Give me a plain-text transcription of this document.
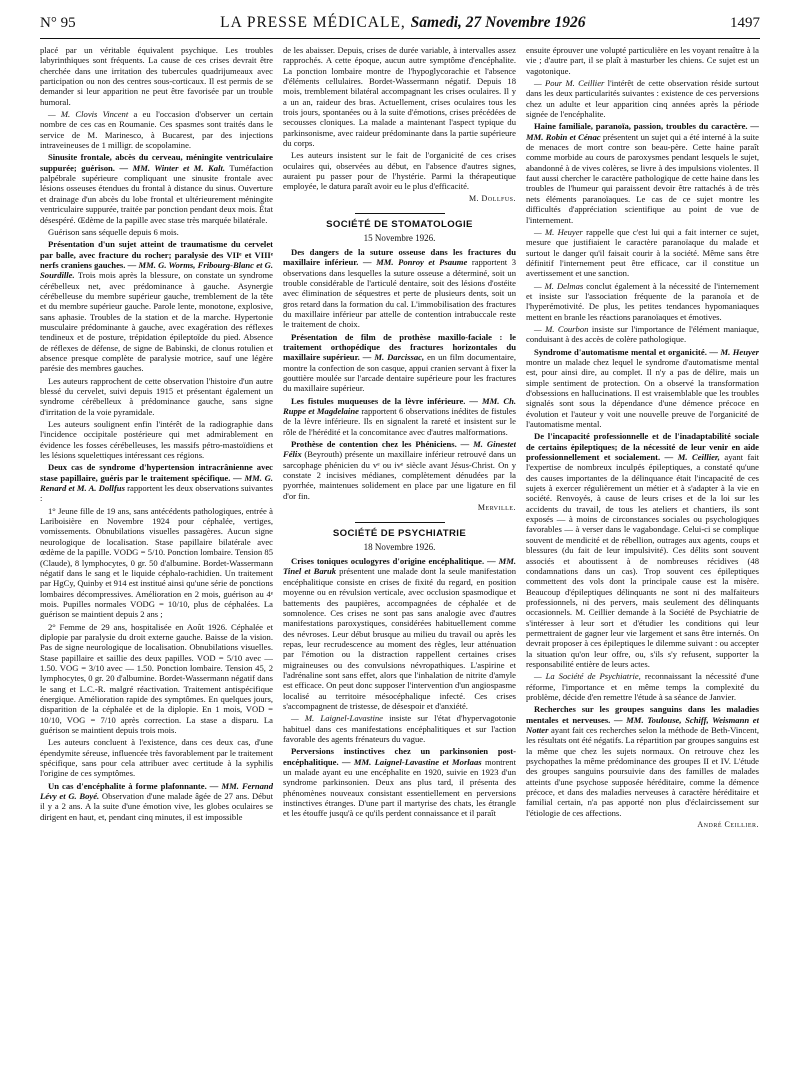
N° 95	LA PRESSE MÉDICALE, Samedi, 27 Novembre 1926	1497

placé par un véritable équivalent psychique. Les troubles labyrinthiques sont fréquents. La cause de ces crises devrait être cherchée dans une irritation des tubercules quadrijumeaux avec participation ou non des centres sous-corticaux. Il est permis de se demander si leur apparition ne peut être favorisée par un trouble humoral.

— M. Clovis Vincent a eu l'occasion d'observer un certain nombre de ces cas en Roumanie. Ces spasmes sont traités dans le service de M. Marinesco, à Bucarest, par des injections intraveineuses de 1 milligr. de scopolamine.

Sinusite frontale, abcès du cerveau, méningite ventriculaire suppurée; guérison. — MM. Winter et M. Kalt. Tuméfaction palpébrale supérieure compliquant une sinusite frontale avec lésions osseuses étendues du frontal à distance du sinus. Ouverture et drainage d'un abcès du lobe frontal et ultérieurement méningite ventriculaire suppurée, traitée par ponction pendant deux mois. État désespéré. Œdème de la papille avec stase très marquée bilatérale.

Guérison sans séquelle depuis 6 mois.

Présentation d'un sujet atteint de traumatisme du cervelet par balle, avec fracture du rocher; paralysie des VIIᵉ et VIIIᵉ nerfs craniens gauches. — MM. G. Worms, Fribourg-Blanc et G. Sourdille. Trois mois après la blessure, on constate un syndrome cérébelleux net, avec prédominance à gauche. Asynergie cérébelleuse du membre supérieur gauche, tremblement de la tête et du membre supérieur gauche. Parole lente, monotone, explosive, sans aphasie. Troubles de la station et de la marche. Hypertonie musculaire prédominante à gauche, avec exagération des réflexes tendineux et de posture, trépidation épileptoïde du pied. Absence de réflexes de défense, de signe de Babinski, de clonus rotulien et absence presque complète de paralysie motrice, sauf une légère parésie des membres gauches.

Les auteurs rapprochent de cette observation l'histoire d'un autre blessé du cervelet, suivi depuis 1915 et présentant également un syndrome cérébelleux à prédominance gauche, sans signe d'irritation de la voie pyramidale.

Les auteurs soulignent enfin l'intérêt de la radiographie dans l'incidence occipitale postérieure qui met admirablement en évidence les fosses cérébelleuses, les massifs pétro-mastoïdiens et les lésions squelettiques intéressant ces régions.

Deux cas de syndrome d'hypertension intracrânienne avec stase papillaire, guéris par le traitement spécifique. — MM. G. Renard et M. A. Dollfus rapportent les deux observations suivantes :

1° Jeune fille de 19 ans, sans antécédents pathologiques, entrée à Lariboisière en Novembre 1924 pour céphalée, vertiges, vomissements. Obnubilations visuelles passagères. Aucun signe neurologique de localisation. Stase papillaire bilatérale avec œdème de la papille. VODG = 5/10. Ponction lombaire. Tension 85 (Claude), 8 lymphocytes, 0 gr. 50 d'albumine. Bordet-Wassermann négatif dans le sang et le liquide céphalo-rachidien. Un traitement par HgCy, Quinby et 914 est institué ainsi qu'une série de ponctions lombaires décompressives. Amélioration en 2 mois, guérison au 4ᵉ mois. Pupilles normales VODG = 10/10, plus de céphalées. La guérison se maintient depuis 2 ans ;

2° Femme de 29 ans, hospitalisée en Août 1926. Céphalée et diplopie par paralysie du droit externe gauche. Baisse de la vision. Pas de signe neurologique de localisation. Obnubilations visuelles. Stase papillaire et saillie des deux papilles. VOD = 5/10 avec — 1.50. VOG = 3/10 avec — 1.50. Ponction lombaire. Tension 45, 2 lymphocytes, 0 gr. 20 d'albumine. Bordet-Wassermann négatif dans le sang et L.C.-R. malgré réactivation. Traitement antispécifique énergique. Amélioration rapide des symptômes. En quelques jours, disparition de la céphalée et de la diplopie. En 1 mois, VOD = 10/10, VOG = 7/10 après correction. La stase a disparu. La guérison se maintient depuis trois mois.

Les auteurs concluent à l'existence, dans ces deux cas, d'une épendymite séreuse, influencée très favorablement par le traitement spécifique, sans pour cela attribuer avec certitude à la syphilis l'origine de ces symptômes.

Un cas d'encéphalite à forme plafonnante. — MM. Fernand Lévy et G. Boyé. Observation d'une malade âgée de 27 ans. Début il y a 2 ans. A la suite d'une émotion vive, les globes oculaires se dirigent en haut, et, pendant cinq minutes, il est impossible

de les abaisser. Depuis, crises de durée variable, à intervalles assez rapprochés. A cette époque, aucun autre symptôme d'encéphalite. La ponction lombaire montre de l'hypoglycorachie et l'absence d'éléments cellulaires. Bordet-Wassermann négatif. Depuis 18 mois, tremblement bilatéral accompagnant les crises oculaires. Il y a un an, raideur des bras. Actuellement, crises oculaires tous les trois jours, spontanées ou à la suite d'émotions, crises précédées de secousses cloniques. La malade a maintenant l'aspect typique du parkinsonisme, avec raideur prédominante dans la partie supérieure du corps.

Les auteurs insistent sur le fait de l'organicité de ces crises oculaires qui, observées au début, en l'absence d'autres signes, auraient pu passer pour de l'hystérie. Parmi la thérapeutique employée, le datura paraît avoir eu le plus d'efficacité.

M. Dollfus.
SOCIÉTÉ DE STOMATOLOGIE
15 Novembre 1926.

Des dangers de la suture osseuse dans les fractures du maxillaire inférieur. — MM. Ponroy et Psaume rapportent 3 observations dans lesquelles la suture osseuse a déterminé, soit un trouble considérable de l'articulé dentaire, soit des lésions d'ostéite avec élimination de séquestres et perte de plusieurs dents, soit un gros retard dans la formation du cal. L'immobilisation des fractures du maxillaire inférieur par attelle de contention intrabuccale reste le traitement de choix.

Présentation de film de prothèse maxillo-faciale : le traitement orthopédique des fractures horizontales du maxillaire supérieur. — M. Darcissac, en un film documentaire, montre la confection de son casque, appui cranien servant à fixer la gouttière moulée sur l'arcade dentaire supérieure pour les fractures du maxillaire supérieur.

Les fistules muqueuses de la lèvre inférieure. — MM. Ch. Ruppe et Magdelaine rapportent 6 observations inédites de fistules de la lèvre inférieure. Ils en signalent la rareté et insistent sur le rôle de l'hérédité et la concomitance avec d'autres malformations.

Prothèse de contention chez les Phéniciens. — M. Ginestet Félix (Beyrouth) présente un maxillaire inférieur retrouvé dans un sarcophage phénicien du vᵉ ou ivᵉ siècle avant Jésus-Christ. On y constate 2 incisives médianes, complètement dénudées par la pyorrhée, maintenues solidement en place par une ligature en fil d'or fin.

Merville.
SOCIÉTÉ DE PSYCHIATRIE
18 Novembre 1926.

Crises toniques oculogyres d'origine encéphalitique. — MM. Tinel et Baruk présentent une malade dont la seule manifestation encéphalitique consiste en crises de fixité du regard, en position moyenne ou en révulsion verticale, avec occlusion spasmodique et battements des paupières, accompagnées de céphalée et de somnolence. Ces crises ne sont pas sans analogie avec d'autres manifestations paroxystiques, considérées habituellement comme des névroses. Leur début brusque au milieu du travail ou après les repas, leur recrudescence au moment des règles, leur atténuation par l'émotion ou la distraction rappellent certaines crises migraineuses ou des convulsions névropathiques. L'aspirine et l'adrénaline sont sans effet, alors que l'inhalation de nitrite d'amyle est efficace. On peut donc supposer l'intervention d'un angiospasme localisé au territoire mésocéphalique infecté. Ces crises s'accompagnent de tristesse, de désespoir et d'anxiété.

— M. Laignel-Lavastine insiste sur l'état d'hypervagotonie habituel dans ces manifestations encéphalitiques et sur l'action favorable des agents frénateurs du vague.

Perversions instinctives chez un parkinsonien post-encéphalitique. — MM. Laignel-Lavastine et Morlaas montrent un malade ayant eu une encéphalite en 1920, suivie en 1923 d'un syndrome parkinsonien. Deux ans plus tard, il présenta des phénomènes nouveaux consistant essentiellement en perversions instinctives étranges. D'une part il martyrise des chats, les étrangle et les étouffe jusqu'à ce qu'ils perdent connaissance et il paraît

ensuite éprouver une volupté particulière en les voyant renaître à la vie ; d'autre part, il se plaît à masturber les chiens. Ce sujet est un vagotonique.

— Pour M. Ceillier l'intérêt de cette observation réside surtout dans les deux particularités suivantes : existence de ces perversions chez un adulte et leur apparition cinq années après la période signée de l'encéphalite.

Haine familiale, paranoïa, passion, troubles du caractère. — MM. Robin et Cénac présentent un sujet qui a été interné à la suite de menaces de mort contre son beau-père. Cette haine paraît comme morbide au cours de paroxysmes pendant lesquels le sujet, abandonné à de vives colères, se livre à des impulsions violentes. Il faut aussi chercher le caractère pathologique de cette haine dans les troubles de l'humeur qui paraissent devoir être rattachés à de très nets éléments paranoïaques. Le cas de ce sujet montre les difficultés d'appréciation scientifique au point de vue de l'internement.

— M. Heuyer rappelle que c'est lui qui a fait interner ce sujet, mesure que justifiaient le caractère paranoïaque du malade et surtout le danger qu'il faisait courir à la société. Même sans être définitif l'internement peut être efficace, car il constitue un avertissement et une sanction.

— M. Delmas conclut également à la nécessité de l'internement et insiste sur l'association fréquente de la paranoïa et de l'hyperémotivité. De plus, les petites tendances hypomaniaques mettent en branle les réactions paranoïaques et émotives.

— M. Courbon insiste sur l'importance de l'élément maniaque, conduisant à des accès de colère pathologique.

Syndrome d'automatisme mental et organicité. — M. Heuyer montre un malade chez lequel le syndrome d'automatisme mental est, pour ainsi dire, au complet. Il n'y a pas de délire, mais un simple sentiment de protection. On a observé la transformation d'obsessions en hallucinations. Il est vraisemblable que les troubles signalés sont sous la dépendance d'une démence précoce en évolution et l'auteur y voit une nouvelle preuve de l'organicité de l'automatisme mental.

De l'incapacité professionnelle et de l'inadaptabilité sociale de certains épileptiques; de la nécessité de leur venir en aide professionnellement et socialement. — M. Ceillier, ayant fait l'expertise de nombreux inculpés épileptiques, a constaté qu'une des causes importantes de la délinquance était l'incapacité de ces sujets à exercer régulièrement un métier et à s'adapter à la vie en société. Renvoyés, à cause de leurs crises et de la loi sur les accidents du travail, de tous les ateliers et chantiers, ils sont exposés — à moins de circonstances sociales ou psychologiques favorables — à verser dans le vagabondage. Celui-ci se complique souvent de mendicité et de rébellion, outrages aux agents, coups et blessures (du fait de leur impulsivité). Ces délits sont souvent associés et aboutissent à de nombreuses récidives (48 condamnations dans un cas). Trop souvent ces épileptiques commettent des vols dont la principale cause est la misère. Beaucoup d'épileptiques délinquants ne sont ni des malfaiteurs professionnels, ni des pervers, mais seulement des délinquants occasionnels. M. Ceillier demande à la Société de Psychiatrie de s'intéresser à leur sort et d'étudier les conditions qui leur permettraient de gagner leur vie largement et sans être internés. On devrait proposer à ces épileptiques le dilemme suivant : ou accepter la situation qu'on leur offre, ou, s'ils s'y refusent, supporter la responsabilité entière de leurs actes.

— La Société de Psychiatrie, reconnaissant la nécessité d'une réforme, l'importance et en même temps la complexité du problème, décide d'en remettre l'étude à sa séance de Janvier.

Recherches sur les groupes sanguins dans les maladies mentales et nerveuses. — MM. Toulouse, Schiff, Weismann et Notter ayant fait ces recherches selon la méthode de Beth-Vincent, les résultats ont été négatifs. La répartition par groupes sanguins est la même que chez les sujets normaux. On retrouve chez les psychopathes la même prédominance des groupes II et IV. L'étude des groupes sanguins poursuivie dans des familles de malades atteints d'une psychose supposée héréditaire, comme la démence précoce, et dans des maladies nerveuses à caractère héréditaire et familial certain, n'a pas apporté non plus d'éclaircissement sur l'étiologie de ces affections.

André Ceillier.
